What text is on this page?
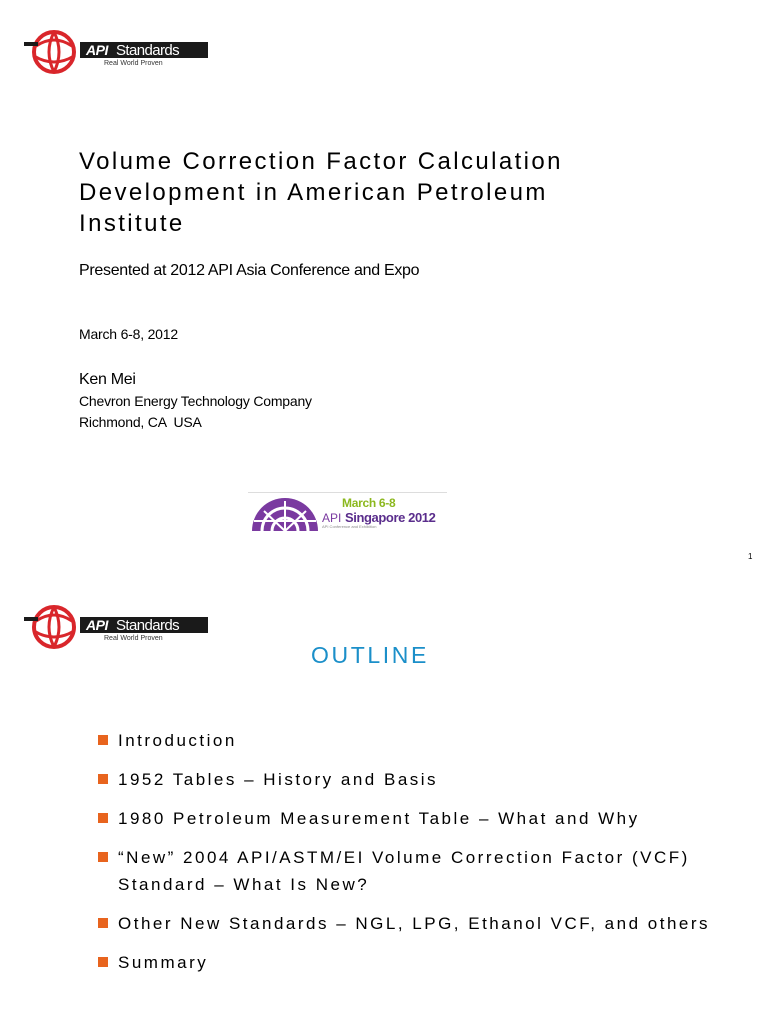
API Standards
Real World Proven
Volume Correction Factor Calculation
Development in American Petroleum
Institute
Presented at 2012 API Asia Conference and Expo
March 6-8, 2012
Ken Mei
Chevron Energy Technology Company
Richmond, CA  USA
March 6-8
API Singapore 2012
API Conference and Exhibition
1
API Standards
Real World Proven
OUTLINE
Introduction
1952 Tables – History and Basis
1980 Petroleum Measurement Table – What and Why
“New” 2004 API/ASTM/EI Volume Correction Factor (VCF) Standard – What Is New?
Other New Standards – NGL, LPG, Ethanol VCF, and others
Summary
